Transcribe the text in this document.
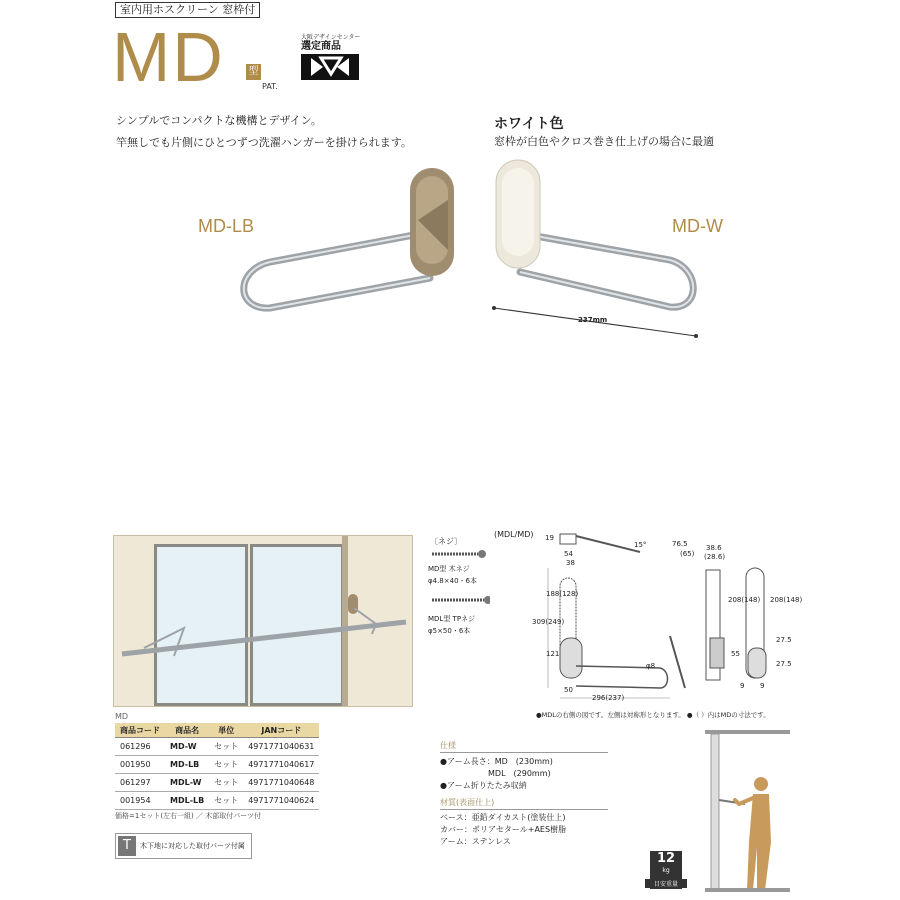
室内用ホスクリーン 窓枠付
MD 型
PAT.
大阪デザインセンター
選定商品
シンプルでコンパクトな機構とデザイン。
竿無しでも片側にひとつずつ洗濯ハンガーを掛けられます。
ホワイト色
窓枠が白色やクロス巻き仕上げの場合に最適
MD-LB	MD-W
237mm
〔ネジ〕
MD型 木ネジ
φ4.8×40・6本
MDL型 TPネジ
φ5×50・6本
(MDL/MD) 19
15°	76.5
(65)
54
38
188(128)
309(249)
121
φ8
50
296(237)
38.6
(28.6)
208(148) 208(148)
55
27.5
27.5
9 9
●MDLの右側の図です。左側は対称形となります。 ●（ ）内はMDの寸法です。
MD
商品コード	商品名	単位	JANコード
061296	MD-W	セット	4971771040631
001950	MD-LB	セット	4971771040617
061297	MDL-W	セット	4971771040648
001954	MDL-LB	セット	4971771040624
価格=1セット(左右一組) ／ 木部取付パーツ付
T	木下地に対応した取付パーツ付属
仕様
●アーム長さ：MD　(230mm)
MDL　(290mm)
●アーム折りたたみ収納
材質(表面仕上)
ベース：亜鉛ダイカスト(塗装仕上)
カバー：ポリアセタール+AES樹脂
アーム：ステンレス
12
kg
目安重量
